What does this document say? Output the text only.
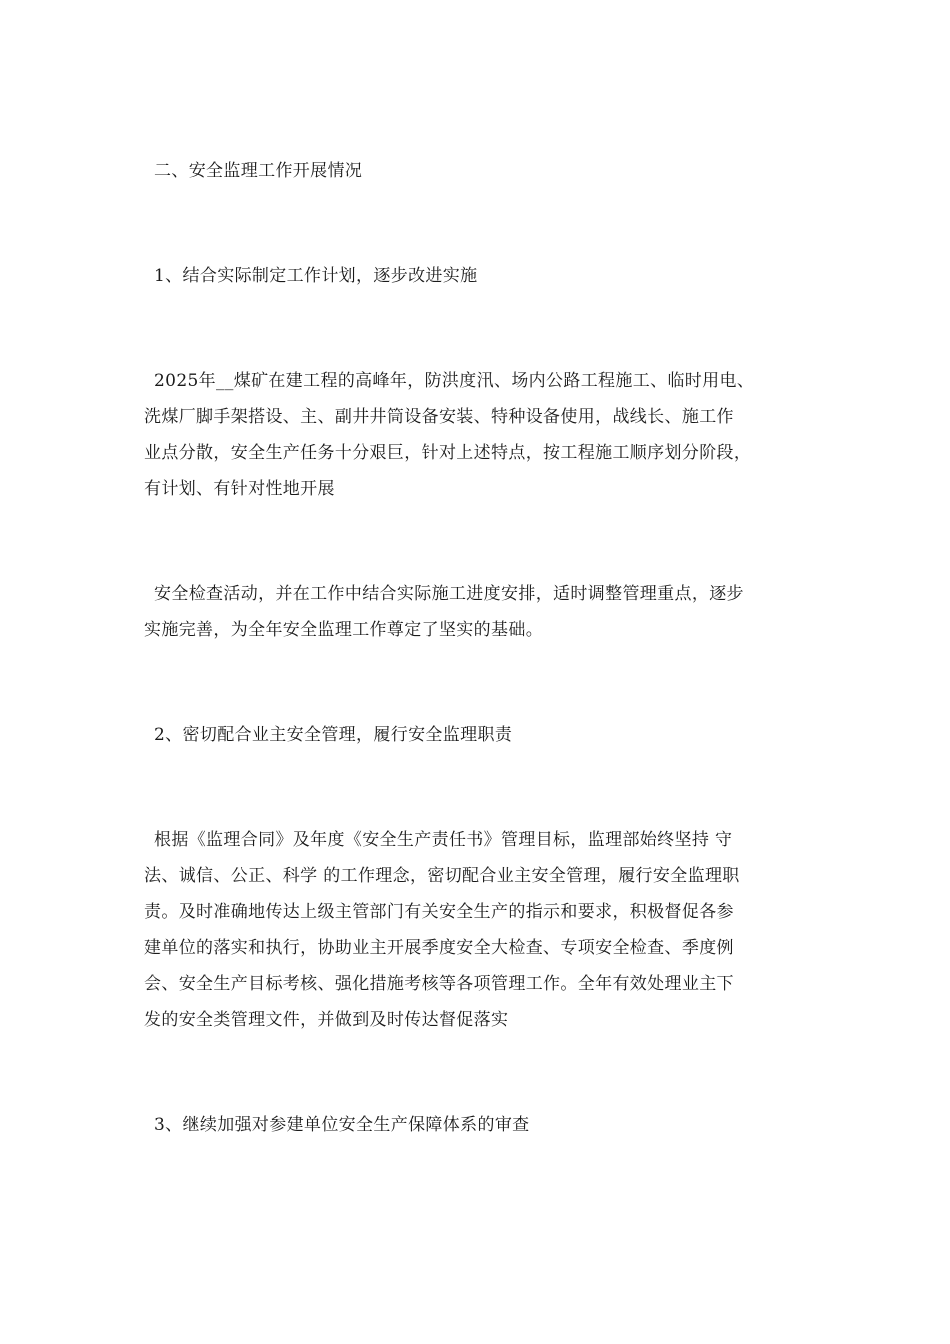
二、安全监理工作开展情况
1、结合实际制定工作计划，逐步改进实施
2025年__煤矿在建工程的高峰年，防洪度汛、场内公路工程施工、临时用电、
洗煤厂脚手架搭设、主、副井井筒设备安装、特种设备使用，战线长、施工作
业点分散，安全生产任务十分艰巨，针对上述特点，按工程施工顺序划分阶段，
有计划、有针对性地开展
安全检查活动，并在工作中结合实际施工进度安排，适时调整管理重点，逐步
实施完善，为全年安全监理工作尊定了坚实的基础。
2、密切配合业主安全管理，履行安全监理职责
根据《监理合同》及年度《安全生产责任书》管理目标，监理部始终坚持 守
法、诚信、公正、科学 的工作理念，密切配合业主安全管理，履行安全监理职
责。及时准确地传达上级主管部门有关安全生产的指示和要求，积极督促各参
建单位的落实和执行，协助业主开展季度安全大检查、专项安全检查、季度例
会、安全生产目标考核、强化措施考核等各项管理工作。全年有效处理业主下
发的安全类管理文件，并做到及时传达督促落实
3、继续加强对参建单位安全生产保障体系的审查
